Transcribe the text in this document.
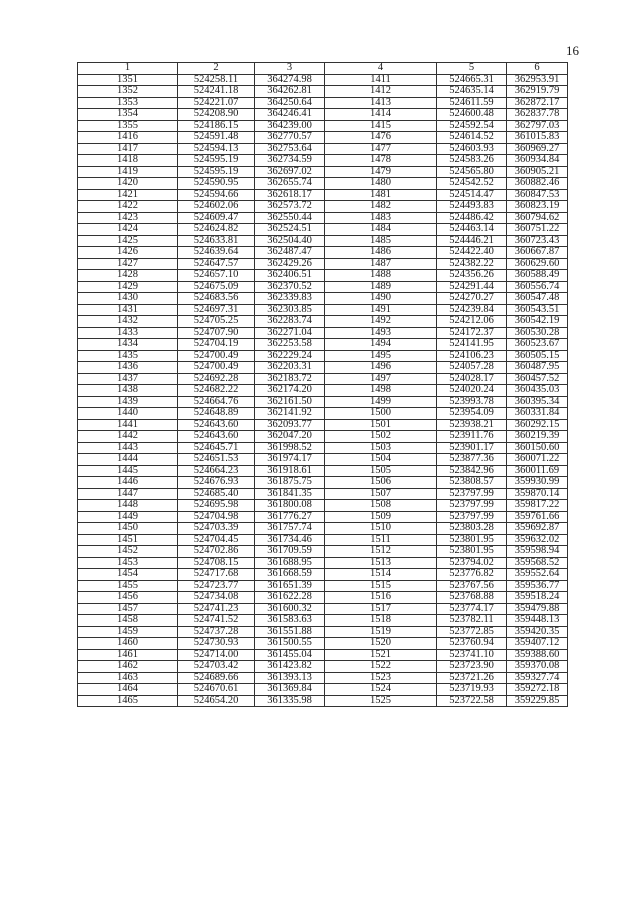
16
1	2	3	4	5	6
1351	524258.11	364274.98	1411	524665.31	362953.91
1352	524241.18	364262.81	1412	524635.14	362919.79
1353	524221.07	364250.64	1413	524611.59	362872.17
1354	524208.90	364246.41	1414	524600.48	362837.78
1355	524186.15	364239.00	1415	524592.54	362797.03
1416	524591.48	362770.57	1476	524614.52	361015.83
1417	524594.13	362753.64	1477	524603.93	360969.27
1418	524595.19	362734.59	1478	524583.26	360934.84
1419	524595.19	362697.02	1479	524565.80	360905.21
1420	524590.95	362655.74	1480	524542.52	360882.46
1421	524594.66	362618.17	1481	524514.47	360847.53
1422	524602.06	362573.72	1482	524493.83	360823.19
1423	524609.47	362550.44	1483	524486.42	360794.62
1424	524624.82	362524.51	1484	524463.14	360751.22
1425	524633.81	362504.40	1485	524446.21	360723.43
1426	524639.64	362487.47	1486	524422.40	360667.87
1427	524647.57	362429.26	1487	524382.22	360629.60
1428	524657.10	362406.51	1488	524356.26	360588.49
1429	524675.09	362370.52	1489	524291.44	360556.74
1430	524683.56	362339.83	1490	524270.27	360547.48
1431	524697.31	362303.85	1491	524239.84	360543.51
1432	524705.25	362283.74	1492	524212.06	360542.19
1433	524707.90	362271.04	1493	524172.37	360530.28
1434	524704.19	362253.58	1494	524141.95	360523.67
1435	524700.49	362229.24	1495	524106.23	360505.15
1436	524700.49	362203.31	1496	524057.28	360487.95
1437	524692.28	362183.72	1497	524028.17	360457.52
1438	524682.22	362174.20	1498	524020.24	360435.03
1439	524664.76	362161.50	1499	523993.78	360395.34
1440	524648.89	362141.92	1500	523954.09	360331.84
1441	524643.60	362093.77	1501	523938.21	360292.15
1442	524643.60	362047.20	1502	523911.76	360219.39
1443	524645.71	361998.52	1503	523901.17	360150.60
1444	524651.53	361974.17	1504	523877.36	360071.22
1445	524664.23	361918.61	1505	523842.96	360011.69
1446	524676.93	361875.75	1506	523808.57	359930.99
1447	524685.40	361841.35	1507	523797.99	359870.14
1448	524695.98	361800.08	1508	523797.99	359817.22
1449	524704.98	361776.27	1509	523797.99	359761.66
1450	524703.39	361757.74	1510	523803.28	359692.87
1451	524704.45	361734.46	1511	523801.95	359632.02
1452	524702.86	361709.59	1512	523801.95	359598.94
1453	524708.15	361688.95	1513	523794.02	359568.52
1454	524717.68	361668.59	1514	523776.82	359552.64
1455	524723.77	361651.39	1515	523767.56	359536.77
1456	524734.08	361622.28	1516	523768.88	359518.24
1457	524741.23	361600.32	1517	523774.17	359479.88
1458	524741.52	361583.63	1518	523782.11	359448.13
1459	524737.28	361551.88	1519	523772.85	359420.35
1460	524730.93	361500.55	1520	523760.94	359407.12
1461	524714.00	361455.04	1521	523741.10	359388.60
1462	524703.42	361423.82	1522	523723.90	359370.08
1463	524689.66	361393.13	1523	523721.26	359327.74
1464	524670.61	361369.84	1524	523719.93	359272.18
1465	524654.20	361335.98	1525	523722.58	359229.85
